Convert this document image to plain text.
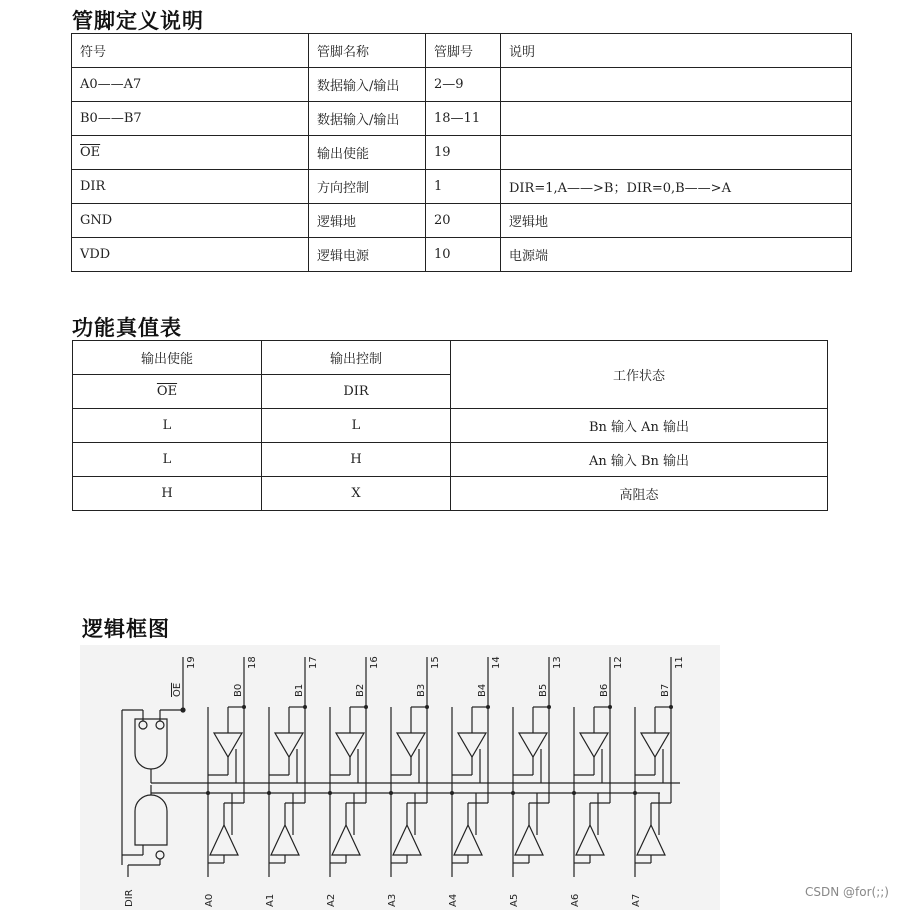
管脚定义说明
符号	管脚名称	管脚号	说明
A0——A7	数据输入/输出	2—9	
B0——B7	数据输入/输出	18—11	
$\overline{OE}$	输出使能	19	
DIR	方向控制	1	DIR=1,A——>B；DIR=0,B——>A
GND	逻辑地	20	逻辑地
VDD	逻辑电源	10	电源端
功能真值表
输出使能	输出控制	工作状态
$\overline{OE}$	DIR	
L	L	Bn 输入 An 输出
L	H	An 输入 Bn 输出
H	X	高阻态
逻辑框图
OE
19
B0
18
B1
17
B2
16
B3
15
B4
14
B5
13
B6
12
B7
11
DIR	A0	A1	A2	A3	A4	A5	A6	A7
CSDN @for(;;)
